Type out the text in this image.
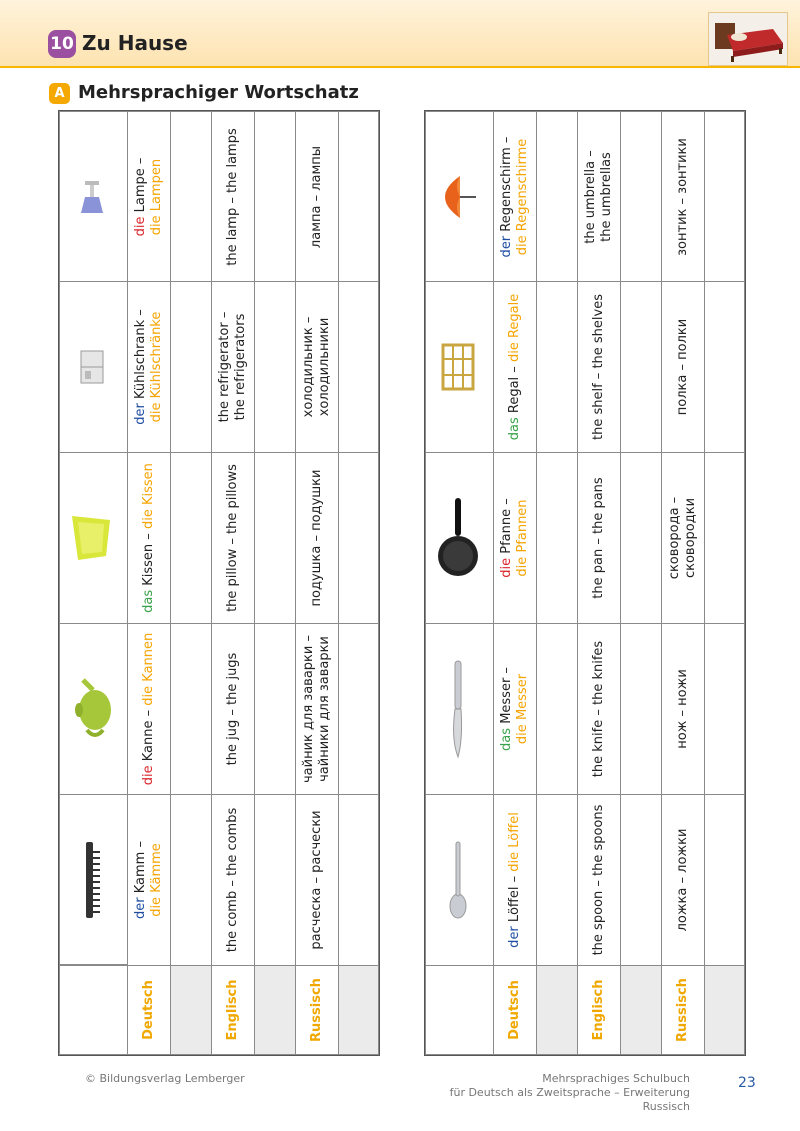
10 Zu Hause
A Mehrsprachiger Wortschatz
Deutsch	Englisch	Russisch
der Kamm –
die Kämme	the comb – the combs	расческа – расчески
die Kanne – die Kannen	the jug – the jugs	чайник для заварки – чайники для заварки
das Kissen – die Kissen	the pillow – the pillows	подушка – подушки
der Kühlschrank –
die Kühlschränke	the refrigerator – the refrigerators	холодильник – холодильники
die Lampe –
die Lampen	the lamp – the lamps	лампа – лампы
Deutsch	Englisch	Russisch
der Löffel – die Löffel	the spoon – the spoons	ложка – ложки
das Messer –
die Messer	the knife – the knifes	нож – ножи
die Pfanne –
die Pfannen	the pan – the pans	сковорода – сковородки
das Regal – die Regale	the shelf – the shelves	полка – полки
der Regenschirm –
die Regenschirme	the umbrella – the umbrellas	зонтик – зонтики
© Bildungsverlag Lemberger	Mehrsprachiges Schulbuch
für Deutsch als Zweitsprache – Erweiterung Russisch
23
